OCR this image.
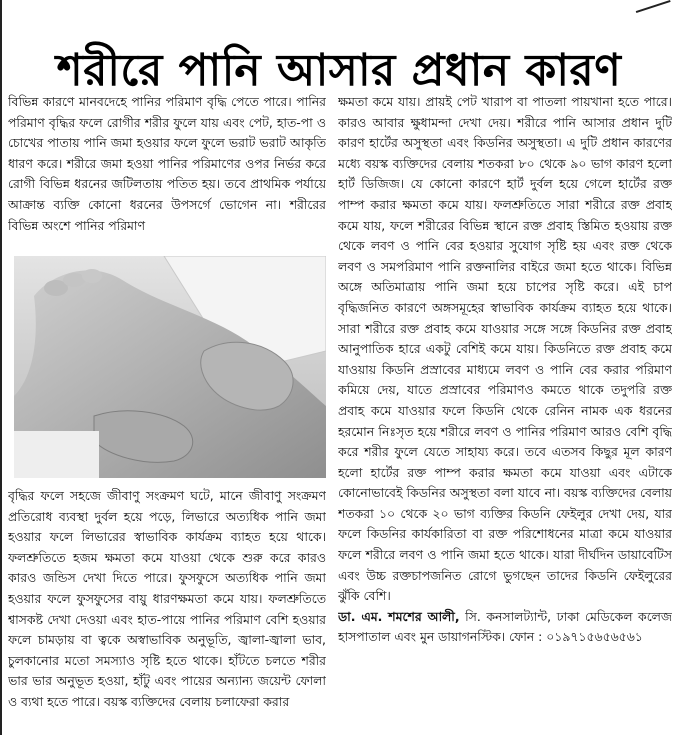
শরীরে পানি আসার প্রধান কারণ

বিভিন্ন কারণে মানবদেহে পানির পরিমাণ বৃদ্ধি পেতে পারে। পানির পরিমাণ বৃদ্ধির ফলে রোগীর শরীর ফুলে যায় এবং পেট, হাত-পা ও চোখের পাতায় পানি জমা হওয়ার ফলে ফুলে ভরাট ভরাট আকৃতি ধারণ করে। শরীরে জমা হওয়া পানির পরিমাণের ওপর নির্ভর করে রোগী বিভিন্ন ধরনের জটিলতায় পতিত হয়। তবে প্রাথমিক পর্যায়ে আক্রান্ত ব্যক্তি কোনো ধরনের উপসর্গে ভোগেন না। শরীরের বিভিন্ন অংশে পানির পরিমাণ

বৃদ্ধির ফলে সহজে জীবাণু সংক্রমণ ঘটে, মানে জীবাণু সংক্রমণ প্রতিরোধ ব্যবস্থা দুর্বল হয়ে পড়ে, লিভারে অত্যধিক পানি জমা হওয়ার ফলে লিভারের স্বাভাবিক কার্যক্রম ব্যাহত হয়ে থাকে। ফলশ্রুতিতে হজম ক্ষমতা কমে যাওয়া থেকে শুরু করে কারও কারও জন্ডিস দেখা দিতে পারে। ফুসফুসে অত্যধিক পানি জমা হওয়ার ফলে ফুসফুসের বায়ু ধারণক্ষমতা কমে যায়। ফলশ্রুতিতে শ্বাসকষ্ট দেখা দেওয়া এবং হাত-পায়ে পানির পরিমাণ বেশি হওয়ার ফলে চামড়ায় বা ত্বকে অস্বাভাবিক অনুভূতি, জ্বালা-জ্বালা ভাব, চুলকানোর মতো সমস্যাও সৃষ্টি হতে থাকে। হাঁটতে চলতে শরীর ভার ভার অনুভূত হওয়া, হাঁটু এবং পায়ের অন্যান্য জয়েন্ট ফোলা ও ব্যথা হতে পারে। বয়স্ক ব্যক্তিদের বেলায় চলাফেরা করার

ক্ষমতা কমে যায়। প্রায়ই পেট খারাপ বা পাতলা পায়খানা হতে পারে। কারও আবার ক্ষুধামন্দা দেখা দেয়। শরীরে পানি আসার প্রধান দুটি কারণ হার্টের অসুস্থতা এবং কিডনির অসুস্থতা। এ দুটি প্রধান কারণের মধ্যে বয়স্ক ব্যক্তিদের বেলায় শতকরা ৮০ থেকে ৯০ ভাগ কারণ হলো হার্ট ডিজিজ। যে কোনো কারণে হার্ট দুর্বল হয়ে গেলে হার্টের রক্ত পাম্প করার ক্ষমতা কমে যায়। ফলশ্রুতিতে সারা শরীরে রক্ত প্রবাহ কমে যায়, ফলে শরীরের বিভিন্ন স্থানে রক্ত প্রবাহ স্তিমিত হওয়ায় রক্ত থেকে লবণ ও পানি বের হওয়ার সুযোগ সৃষ্টি হয় এবং রক্ত থেকে লবণ ও সমপরিমাণ পানি রক্তনালির বাইরে জমা হতে থাকে। বিভিন্ন অঙ্গে অতিমাত্রায় পানি জমা হয়ে চাপের সৃষ্টি করে। এই চাপ বৃদ্ধিজনিত কারণে অঙ্গসমূহের স্বাভাবিক কার্যক্রম ব্যাহত হয়ে থাকে। সারা শরীরে রক্ত প্রবাহ কমে যাওয়ার সঙ্গে সঙ্গে কিডনির রক্ত প্রবাহ আনুপাতিক হারে একটু বেশিই কমে যায়। কিডনিতে রক্ত প্রবাহ কমে যাওয়ায় কিডনি প্রস্রাবের মাধ্যমে লবণ ও পানি বের করার পরিমাণ কমিয়ে দেয়, যাতে প্রস্রাবের পরিমাণও কমতে থাকে তদুপরি রক্ত প্রবাহ কমে যাওয়ার ফলে কিডনি থেকে রেনিন নামক এক ধরনের হরমোন নিঃসৃত হয়ে শরীরে লবণ ও পানির পরিমাণ আরও বেশি বৃদ্ধি করে শরীর ফুলে যেতে সাহায্য করে। তবে এতসব কিছুর মূল কারণ হলো হার্টের রক্ত পাম্প করার ক্ষমতা কমে যাওয়া এবং এটাকে কোনোভাবেই কিডনির অসুস্থতা বলা যাবে না। বয়স্ক ব্যক্তিদের বেলায় শতকরা ১০ থেকে ২০ ভাগ ব্যক্তির কিডনি ফেইলুর দেখা দেয়, যার ফলে কিডনির কার্যকারিতা বা রক্ত পরিশোধনের মাত্রা কমে যাওয়ার ফলে শরীরে লবণ ও পানি জমা হতে থাকে। যারা দীর্ঘদিন ডায়াবেটিস এবং উচ্চ রক্তচাপজনিত রোগে ভুগছেন তাদের কিডনি ফেইলুরের ঝুঁকি বেশি।

ডা. এম. শমশের আলী, সি. কনসালট্যান্ট, ঢাকা মেডিকেল কলেজ হাসপাতাল এবং মুন ডায়াগনস্টিক। ফোন : ০১৯৭১৫৬৫৬৫৬১
